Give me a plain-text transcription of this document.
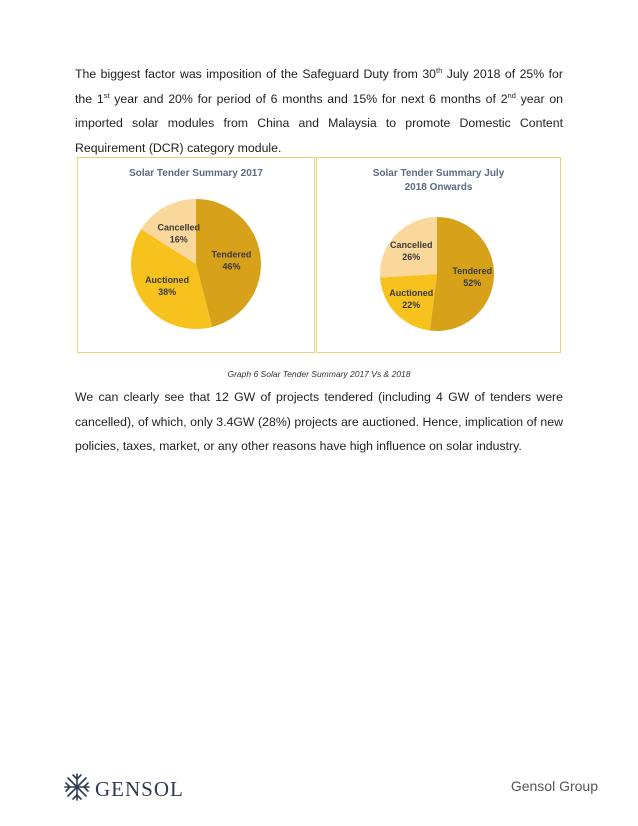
The biggest factor was imposition of the Safeguard Duty from 30th July 2018 of 25% for the 1st year and 20% for period of 6 months and 15% for next 6 months of 2nd year on imported solar modules from China and Malaysia to promote Domestic Content Requirement (DCR) category module.
Solar Tender Summary 2017
Tendered
46%
Auctioned
38%
Cancelled
16%
Solar Tender Summary July 2018 Onwards
Tendered
52%
Auctioned
22%
Cancelled
26%
Graph 6 Solar Tender Summary 2017 Vs & 2018
We can clearly see that 12 GW of projects tendered (including 4 GW of tenders were cancelled), of which, only 3.4GW (28%) projects are auctioned. Hence, implication of new policies, taxes, market, or any other reasons have high influence on solar industry.
GENSOL	Gensol Group
